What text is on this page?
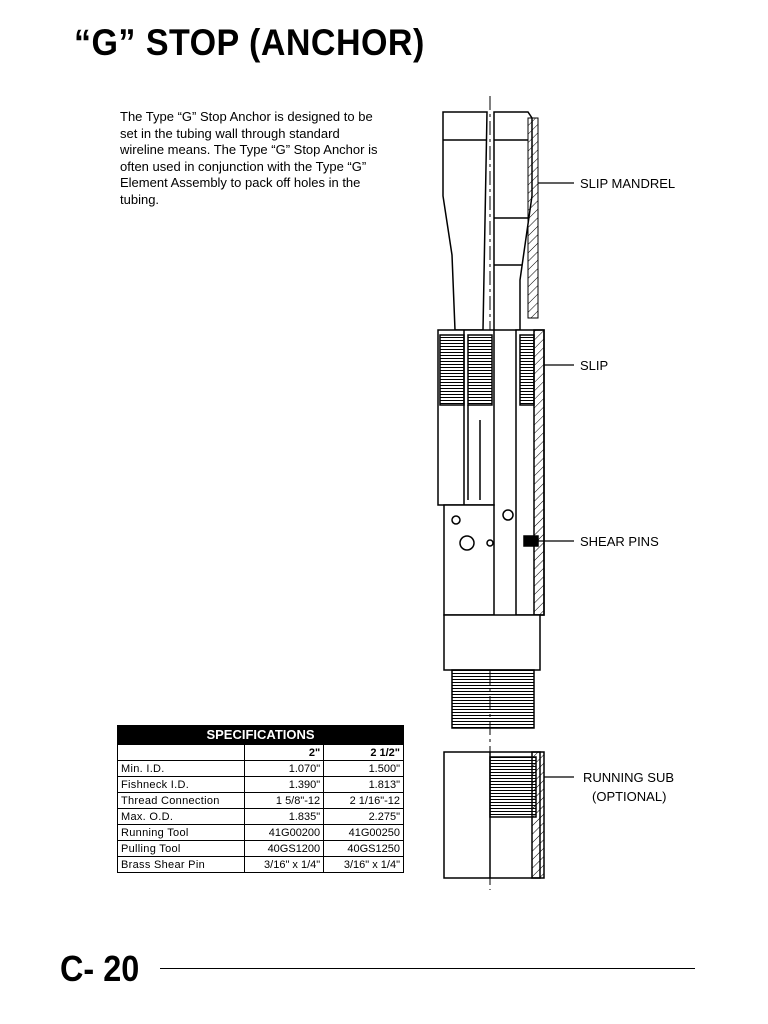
“G” STOP (ANCHOR)

The Type “G” Stop Anchor is designed to be set in the tubing wall through standard wireline means. The Type “G” Stop Anchor is often used in conjunction with the Type “G” Element Assembly to pack off holes in the tubing.

SPECIFICATIONS		
	2"	2 1/2"
Min. I.D.	1.070"	1.500"
Fishneck I.D.	1.390"	1.813"
Thread Connection	1 5/8"-12	2 1/16"-12
Max. O.D.	1.835"	2.275"
Running Tool	41G00200	41G00250
Pulling Tool	40GS1200	40GS1250
Brass Shear Pin	3/16" x 1/4"	3/16" x 1/4"
SLIP MANDREL
SLIP
SHEAR PINS
RUNNING SUB
(OPTIONAL)
C- 20
